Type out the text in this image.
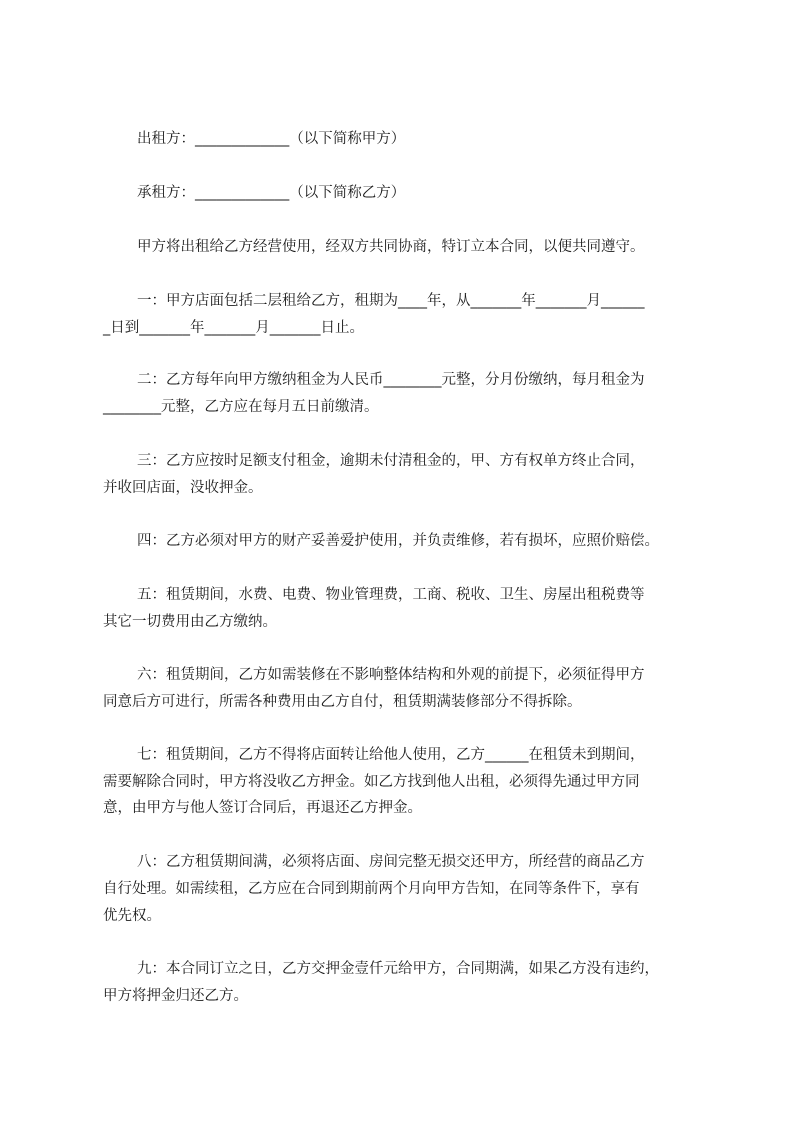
出租方：_____________（以下简称甲方）
承租方：_____________（以下简称乙方）
甲方将出租给乙方经营使用，经双方共同协商，特订立本合同，以便共同遵守。
一：甲方店面包括二层租给乙方，租期为____年，从_______年_______月______
_日到_______年_______月_______日止。
二：乙方每年向甲方缴纳租金为人民币________元整，分月份缴纳，每月租金为
________元整，乙方应在每月五日前缴清。
三：乙方应按时足额支付租金，逾期未付清租金的，甲、方有权单方终止合同，
并收回店面，没收押金。
四：乙方必须对甲方的财产妥善爱护使用，并负责维修，若有损坏，应照价赔偿。
五：租赁期间，水费、电费、物业管理费，工商、税收、卫生、房屋出租税费等
其它一切费用由乙方缴纳。
六：租赁期间，乙方如需装修在不影响整体结构和外观的前提下，必须征得甲方
同意后方可进行，所需各种费用由乙方自付，租赁期满装修部分不得拆除。
七：租赁期间，乙方不得将店面转让给他人使用，乙方______在租赁未到期间，
需要解除合同时，甲方将没收乙方押金。如乙方找到他人出租，必须得先通过甲方同
意，由甲方与他人签订合同后，再退还乙方押金。
八：乙方租赁期间满，必须将店面、房间完整无损交还甲方，所经营的商品乙方
自行处理。如需续租，乙方应在合同到期前两个月向甲方告知，在同等条件下，享有
优先权。
九：本合同订立之日，乙方交押金壹仟元给甲方，合同期满，如果乙方没有违约，
甲方将押金归还乙方。
